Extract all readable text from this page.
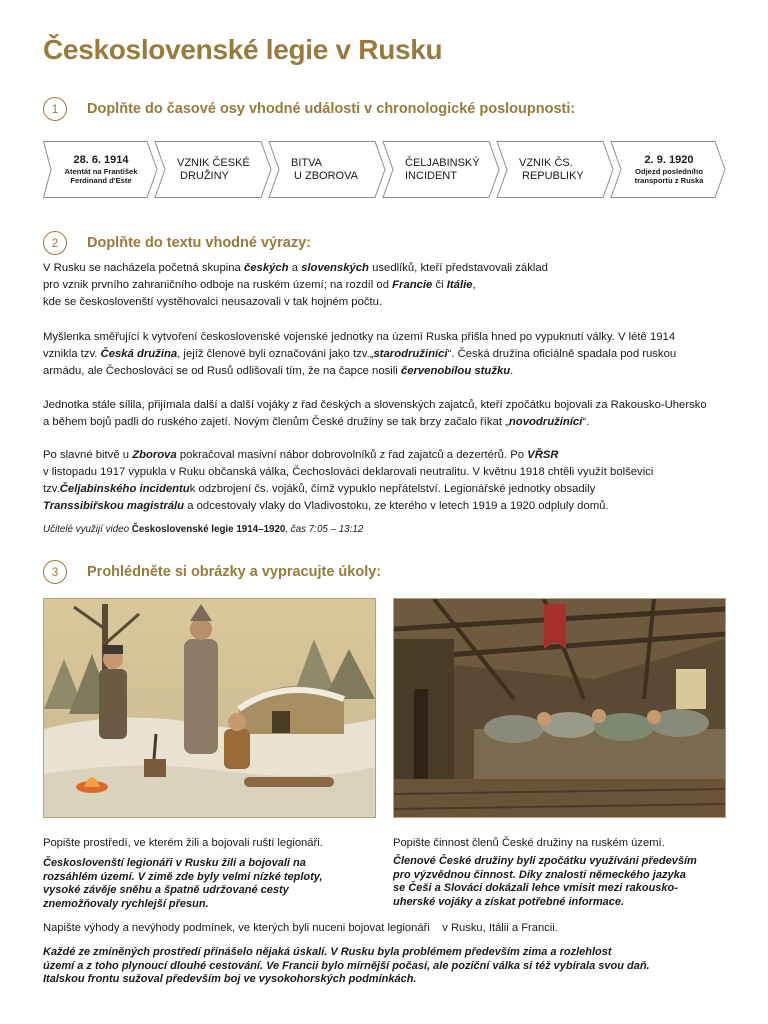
Československé legie v Rusku
1	Doplňte do časové osy vhodné události v chronologické posloupnosti:
28. 6. 1914
Atentát na František
Ferdinand d'Este
VZNIK ČESKÉ
DRUŽINY
BITVA
U ZBOROVA
ČELJABINSKÝ
INCIDENT
VZNIK ČS.
REPUBLIKY
2. 9. 1920
Odjezd posledního
transportu z Ruska
2	Doplňte do textu vhodné výrazy:

V Rusku se nacházela početná skupina českých a slovenských usedlíků, kteří představovali základ
pro vznik prvního zahraničního odboje na ruském území; na rozdíl od Francie či Itálie,
kde se českoslovenští vystěhovalci neusazovali v tak hojném počtu.

Myšlenka směřující k vytvoření československé vojenské jednotky na území Ruska přišla hned po vypuknutí války. V létě 1914
vznikla tzv. Česká družina, jejíž členové byli označováni jako tzv.„starodružiníci“. Česká družina oficiálně spadala pod ruskou
armádu, ale Čechoslováci se od Rusů odlišovali tím, že na čapce nosili červenobílou stužku.

Jednotka stále sílila, přijímala další a další vojáky z řad českých a slovenských zajatců, kteří zpočátku bojovali za Rakousko-Uhersko
a během bojů padli do ruského zajetí. Novým členům České družiny se tak brzy začalo říkat „novodružiníci“.

Po slavné bitvě u Zborova pokračoval masivní nábor dobrovolníků z řad zajatců a dezertérů. Po VŘSR
v listopadu 1917 vypukla v Ruku občanská válka, Čechoslováci deklarovali neutralitu. V květnu 1918 chtěli využít bolševici
tzv.Čeljabinského incidentuk odzbrojení čs. vojáků, čímž vypuklo nepřátelství. Legionářské jednotky obsadily
Transsibiřskou magistrálu a odcestovaly vlaky do Vladivostoku, ze kterého v letech 1919 a 1920 odpluly domů.

Učitelé využijí video Československé legie 1914–1920, čas 7:05 – 13:12
3	Prohlédněte si obrázky a vypracujte úkoly:
Popište prostředí, ve kterém žili a bojovali ruští legionáři.
Českoslovenští legionáři v Rusku žili a bojovali na
rozsáhlém území. V zimě zde byly velmi nízké teploty,
vysoké závěje sněhu a špatně udržované cesty
znemožňovaly rychlejší přesun.
Popište činnost členů České družiny na ruském území.
Členové České družiny byli zpočátku využíváni především
pro výzvědnou činnost. Díky znalosti německého jazyka
se Češi a Slováci dokázali lehce vmísit mezi rakousko-
uherské vojáky a získat potřebné informace.
Napište výhody a nevýhody podmínek, ve kterých byli nuceni bojovat legionáři    v Rusku, Itálii a Francii.
Každé ze zmíněných prostředí přinášelo nějaká úskalí. V Rusku byla problémem především zima a rozlehlost
území a z toho plynoucí dlouhé cestování. Ve Francii bylo mírnější počasí, ale poziční válka si též vybírala svou daň.
Italskou frontu sužoval především boj ve vysokohorských podmínkách.
